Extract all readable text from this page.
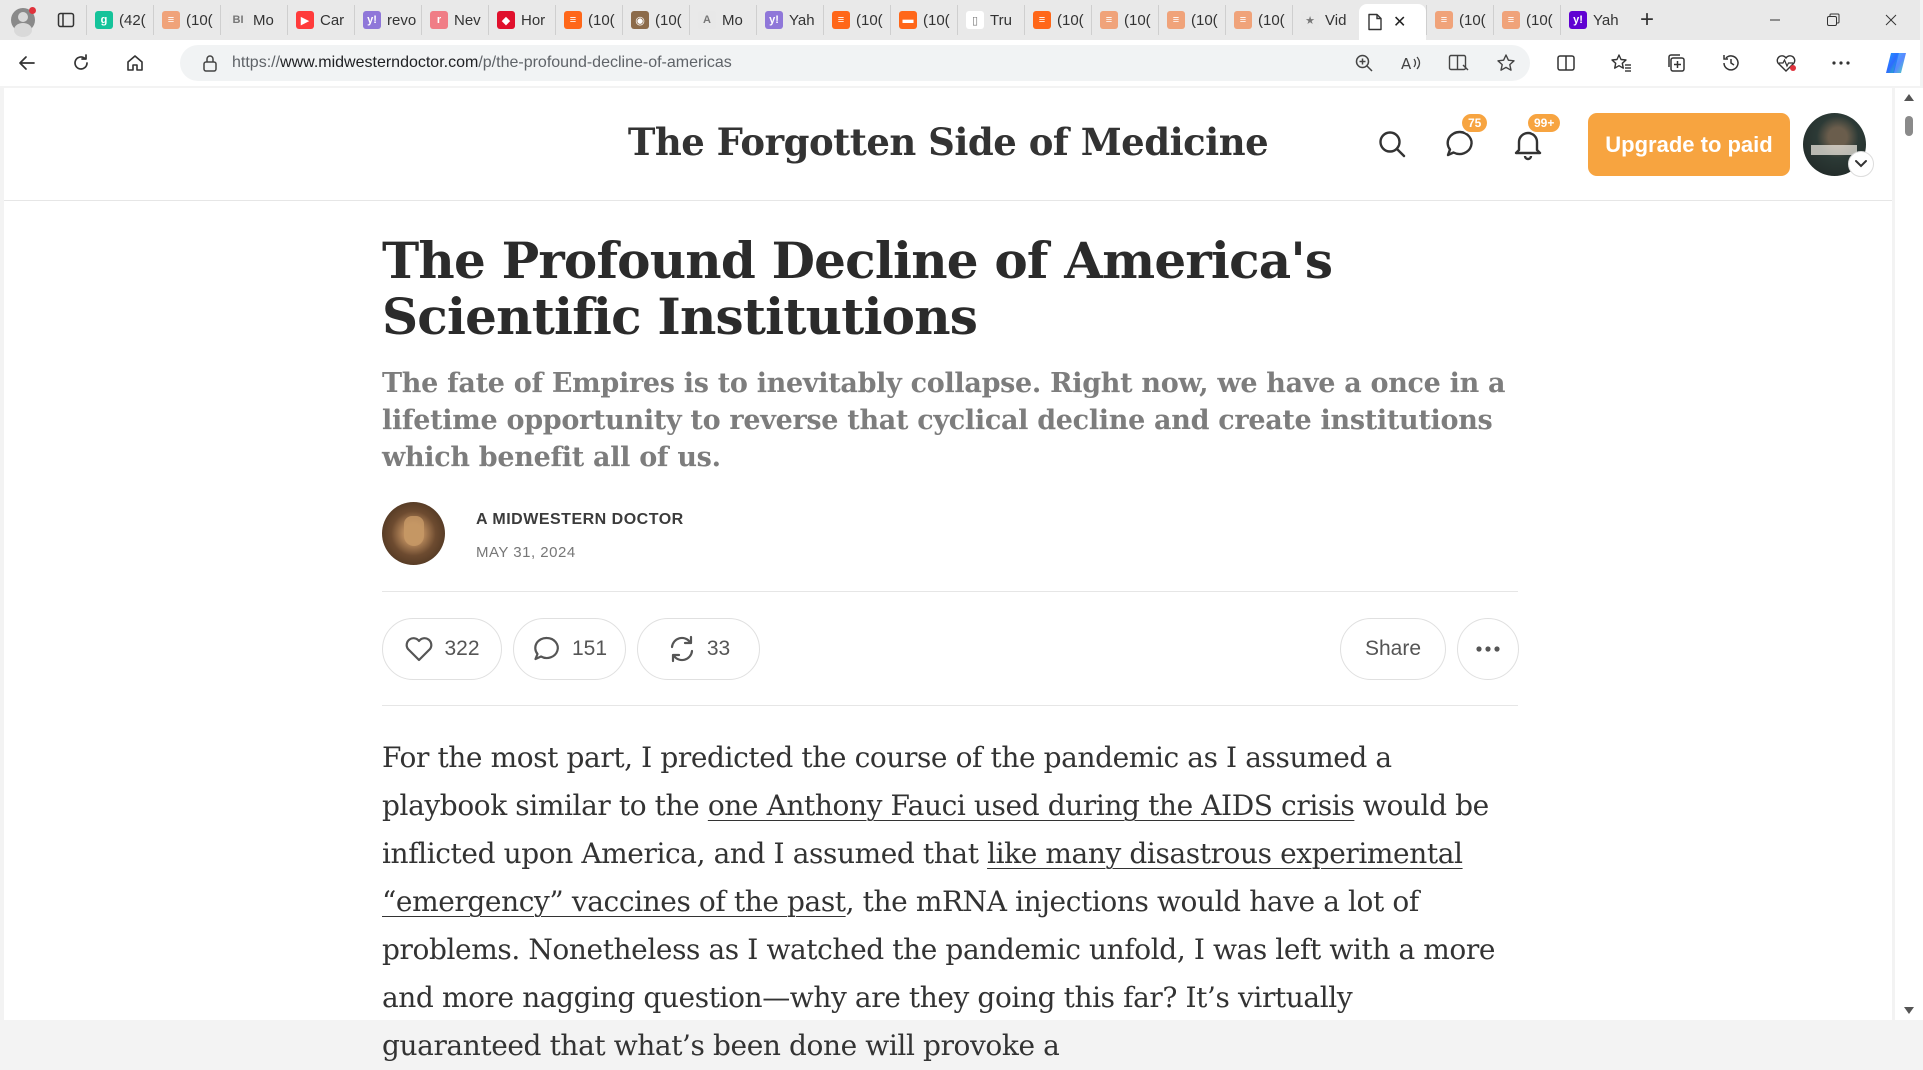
g (42(	≡ (10(	BI Mo	▶ Car	y! revo	r Nev	◆ Hor	≡ (10(	◉ (10(	A Mo	y! Yah	≡ (10(	▬ (10(	▯ Tru	≡ (10(	≡ (10(	≡ (10(	≡ (10(	★ Vid	✕	≡ (10(	≡ (10(	y! Yah +
https://www.midwesterndoctor.com/p/the-profound-decline-of-americas	A
The Forgotten Side of Medicine	75	99+
Upgrade to paid
The Profound Decline of America's Scientific Institutions
The fate of Empires is to inevitably collapse. Right now, we have a once in a lifetime opportunity to reverse that cyclical decline and create institutions which benefit all of us.
A MIDWESTERN DOCTOR
MAY 31, 2024
322	151	33	Share

For the most part, I predicted the course of the pandemic as I assumed a playbook similar to the one Anthony Fauci used during the AIDS crisis would be inflicted upon America, and I assumed that like many disastrous experimental “emergency” vaccines of the past, the mRNA injections would have a lot of problems. Nonetheless as I watched the pandemic unfold, I was left with a more and more nagging question—why are they going this far? It’s virtually guaranteed that what’s been done will provoke a
